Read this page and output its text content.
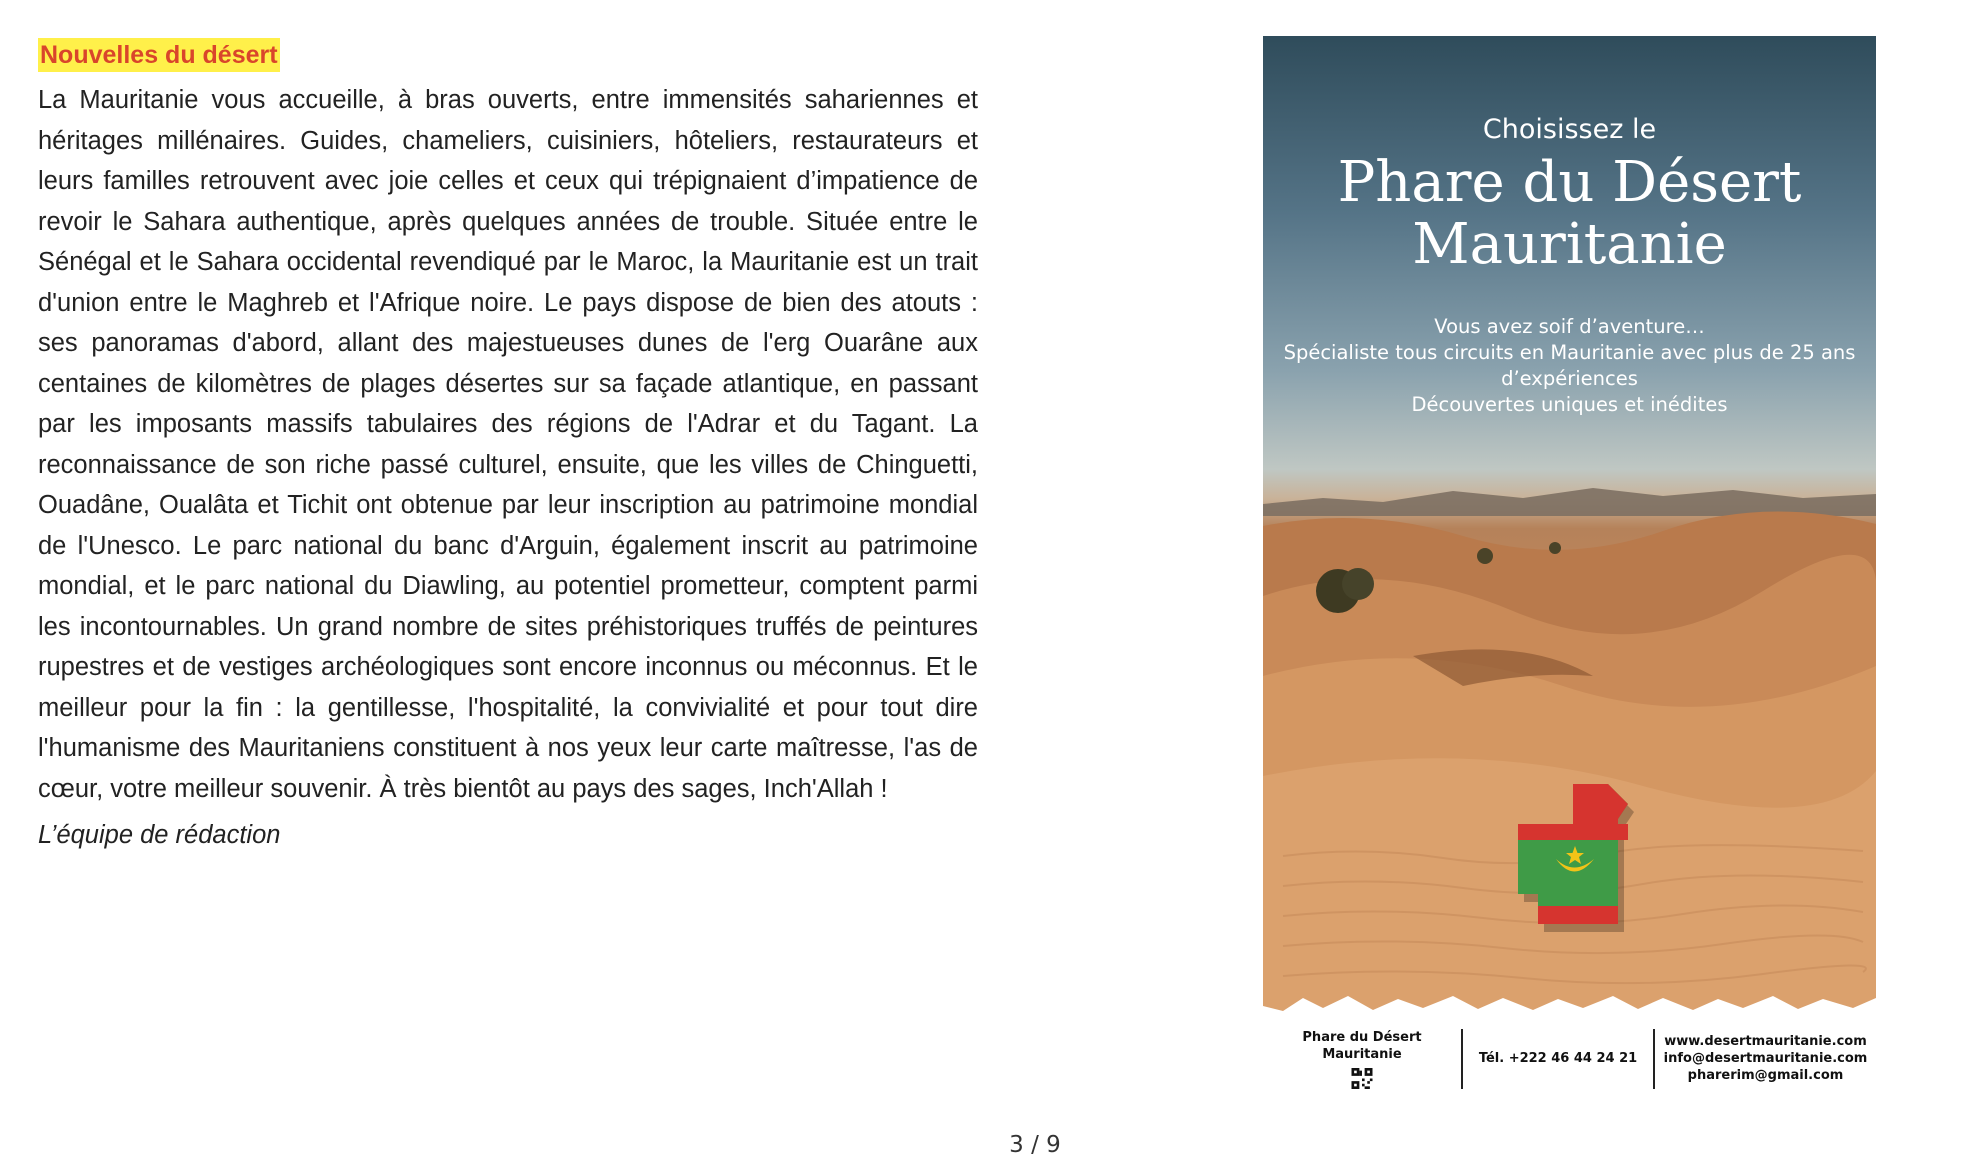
Nouvelles du désert

La Mauritanie vous accueille, à bras ouverts, entre immensités sahariennes et héritages millénaires. Guides, chameliers, cuisiniers, hôteliers, restaurateurs et leurs familles retrouvent avec joie celles et ceux qui trépignaient d’impatience de revoir le Sahara authentique, après quelques années de trouble. Située entre le Sénégal et le Sahara occidental revendiqué par le Maroc, la Mauritanie est un trait d'union entre le Maghreb et l'Afrique noire. Le pays dispose de bien des atouts : ses panoramas d'abord, allant des majestueuses dunes de l'erg Ouarâne aux centaines de kilomètres de plages désertes sur sa façade atlantique, en passant par les imposants massifs tabulaires des régions de l'Adrar et du Tagant. La reconnaissance de son riche passé culturel, ensuite, que les villes de Chinguetti, Ouadâne, Oualâta et Tichit ont obtenue par leur inscription au patrimoine mondial de l'Unesco. Le parc national du banc d'Arguin, également inscrit au patrimoine mondial, et le parc national du Diawling, au potentiel prometteur, comptent parmi les incontournables. Un grand nombre de sites préhistoriques truffés de peintures rupestres et de vestiges archéologiques sont encore inconnus ou méconnus. Et le meilleur pour la fin : la gentillesse, l'hospitalité, la convivialité et pour tout dire l'humanisme des Mauritaniens constituent à nos yeux leur carte maîtresse, l'as de cœur, votre meilleur souvenir. À très bientôt au pays des sages, Inch'Allah !

L’équipe de rédaction

Choisissez le
Phare du Désert
Mauritanie
Vous avez soif d’aventure…
Spécialiste tous circuits en Mauritanie avec plus de 25 ans d’expériences
Découvertes uniques et inédites
Phare du Désert Mauritanie	Tél. +222 46 44 24 21
www.desertmauritanie.com
info@desertmauritanie.com
pharerim@gmail.com
3 / 9
